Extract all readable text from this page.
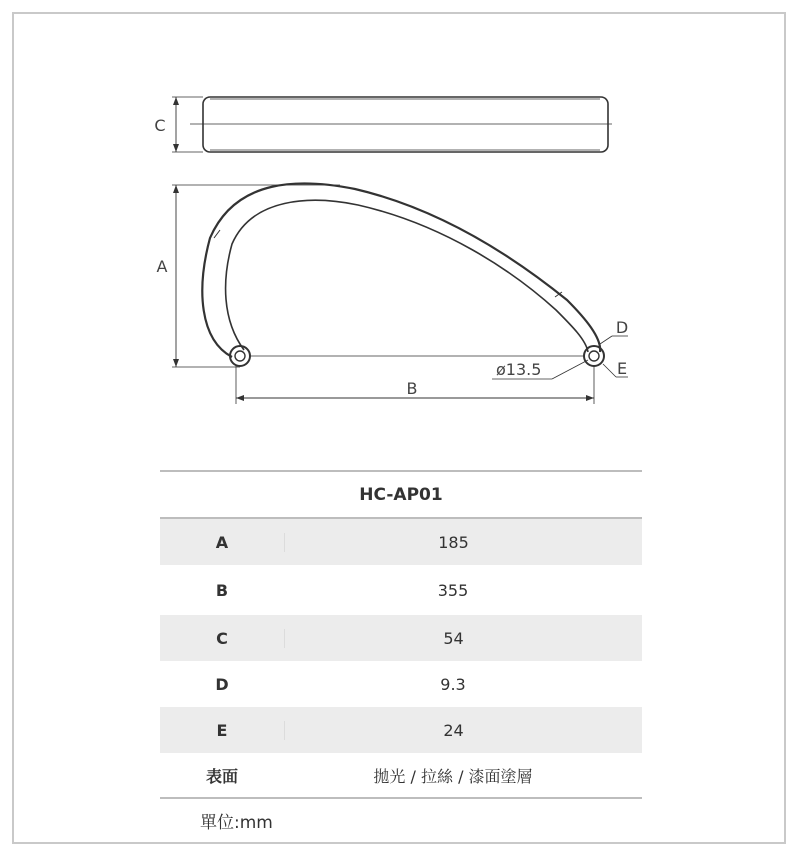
C
A
B
ø13.5
D
E
HC-AP01
A	185
B	355
C	54
D	9.3
E	24
表面	拋光 / 拉絲 / 漆面塗層
單位:mm
